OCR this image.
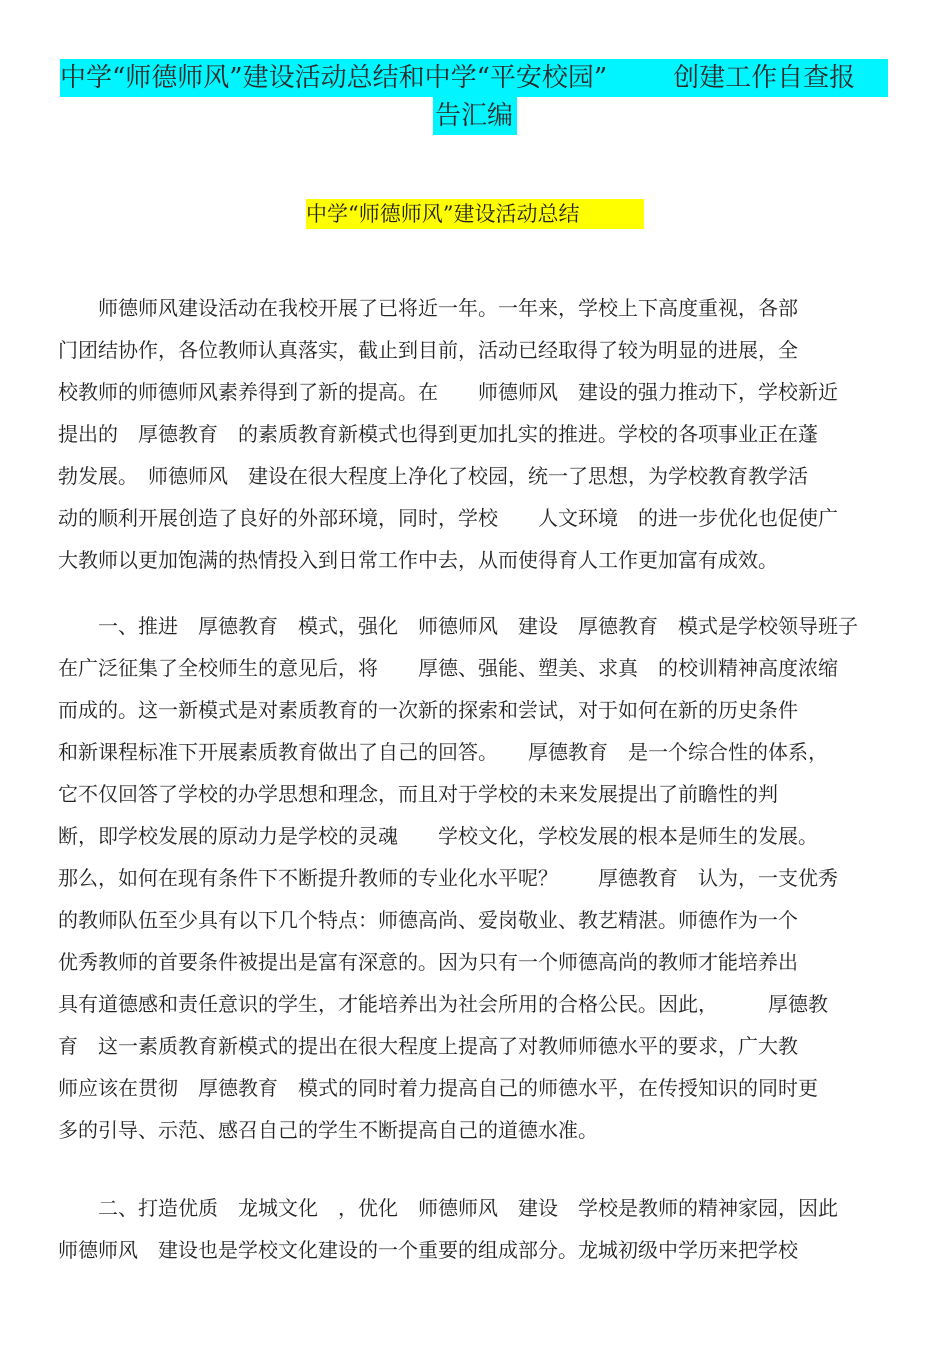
中学“师德师风”建设活动总结和中学“平安校园”	创建工作自查报
告汇编
中学“师德师风”建设活动总结
　　师德师风建设活动在我校开展了已将近一年。一年来，学校上下高度重视，各部
门团结协作，各位教师认真落实，截止到目前，活动已经取得了较为明显的进展，全
校教师的师德师风素养得到了新的提高。在　　师德师风　建设的强力推动下，学校新近
提出的　厚德教育　的素质教育新模式也得到更加扎实的推进。学校的各项事业正在蓬
勃发展。　师德师风　建设在很大程度上净化了校园，统一了思想，为学校教育教学活
动的顺利开展创造了良好的外部环境，同时，学校　　人文环境　的进一步优化也促使广
大教师以更加饱满的热情投入到日常工作中去，从而使得育人工作更加富有成效。
　　一、推进　厚德教育　模式，强化　师德师风　建设　厚德教育　模式是学校领导班子
在广泛征集了全校师生的意见后，将　　厚德、强能、塑美、求真　的校训精神高度浓缩
而成的。这一新模式是对素质教育的一次新的探索和尝试，对于如何在新的历史条件
和新课程标准下开展素质教育做出了自己的回答。　　厚德教育　是一个综合性的体系，
它不仅回答了学校的办学思想和理念，而且对于学校的未来发展提出了前瞻性的判
断，即学校发展的原动力是学校的灵魂　　学校文化，学校发展的根本是师生的发展。
那么，如何在现有条件下不断提升教师的专业化水平呢？　　厚德教育　认为，一支优秀
的教师队伍至少具有以下几个特点：师德高尚、爱岗敬业、教艺精湛。师德作为一个
优秀教师的首要条件被提出是富有深意的。因为只有一个师德高尚的教师才能培养出
具有道德感和责任意识的学生，才能培养出为社会所用的合格公民。因此，　　　厚德教
育　这一素质教育新模式的提出在很大程度上提高了对教师师德水平的要求，广大教
师应该在贯彻　厚德教育　模式的同时着力提高自己的师德水平，在传授知识的同时更
多的引导、示范、感召自己的学生不断提高自己的道德水准。
　　二、打造优质　龙城文化　，优化　师德师风　建设　学校是教师的精神家园，因此
师德师风　建设也是学校文化建设的一个重要的组成部分。龙城初级中学历来把学校
